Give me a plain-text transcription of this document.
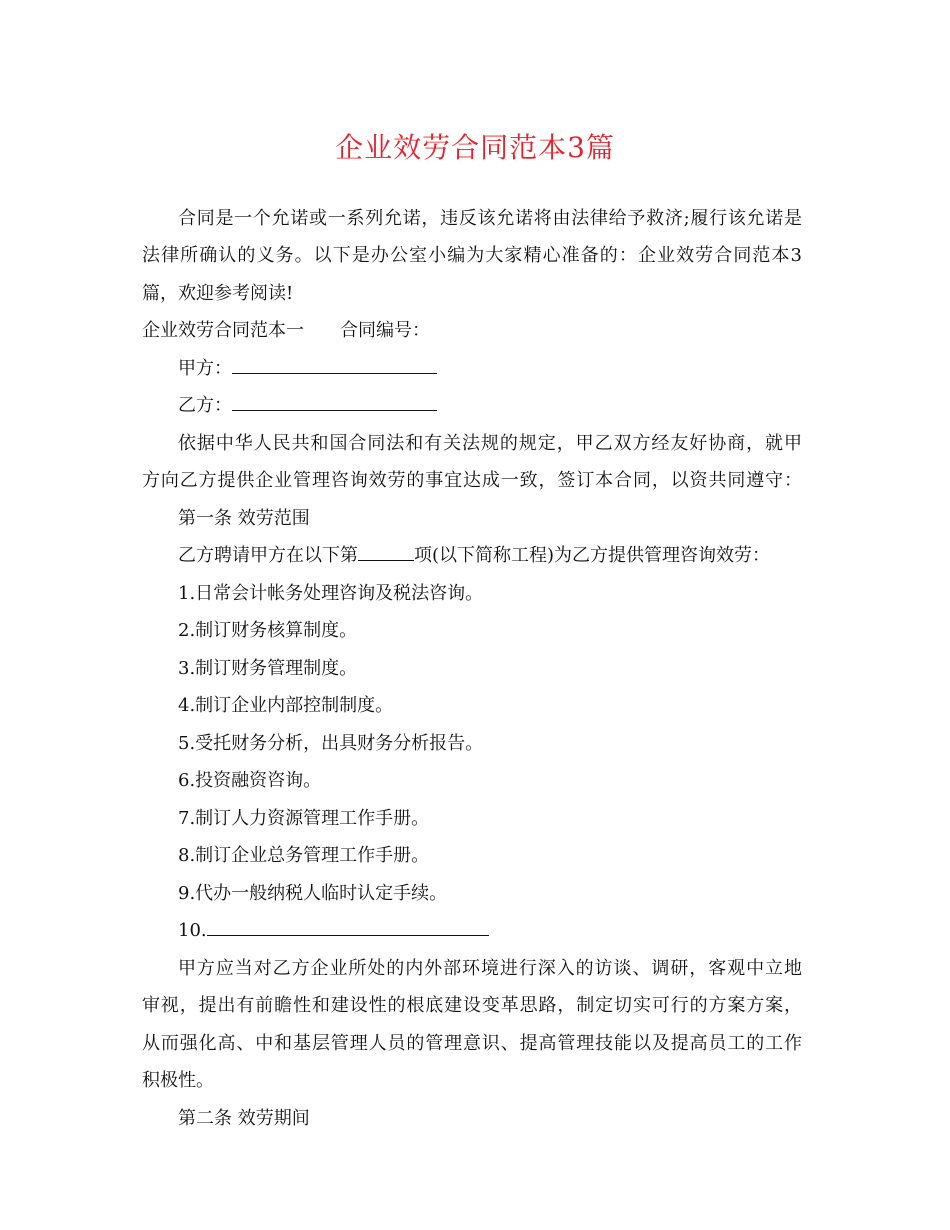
企业效劳合同范本3篇
合同是一个允诺或一系列允诺，违反该允诺将由法律给予救济;履行该允诺是
法律所确认的义务。以下是办公室小编为大家精心准备的：企业效劳合同范本3
篇，欢迎参考阅读!
企业效劳合同范本一 合同编号：
甲方：
乙方：
依据中华人民共和国合同法和有关法规的规定，甲乙双方经友好协商，就甲
方向乙方提供企业管理咨询效劳的事宜达成一致，签订本合同，以资共同遵守：
第一条 效劳范围
乙方聘请甲方在以下第	项(以下简称工程)为乙方提供管理咨询效劳：
1.日常会计帐务处理咨询及税法咨询。
2.制订财务核算制度。
3.制订财务管理制度。
4.制订企业内部控制制度。
5.受托财务分析，出具财务分析报告。
6.投资融资咨询。
7.制订人力资源管理工作手册。
8.制订企业总务管理工作手册。
9.代办一般纳税人临时认定手续。
10.
甲方应当对乙方企业所处的内外部环境进行深入的访谈、调研，客观中立地
审视，提出有前瞻性和建设性的根底建设变革思路，制定切实可行的方案方案，
从而强化高、中和基层管理人员的管理意识、提高管理技能以及提高员工的工作
积极性。
第二条 效劳期间
